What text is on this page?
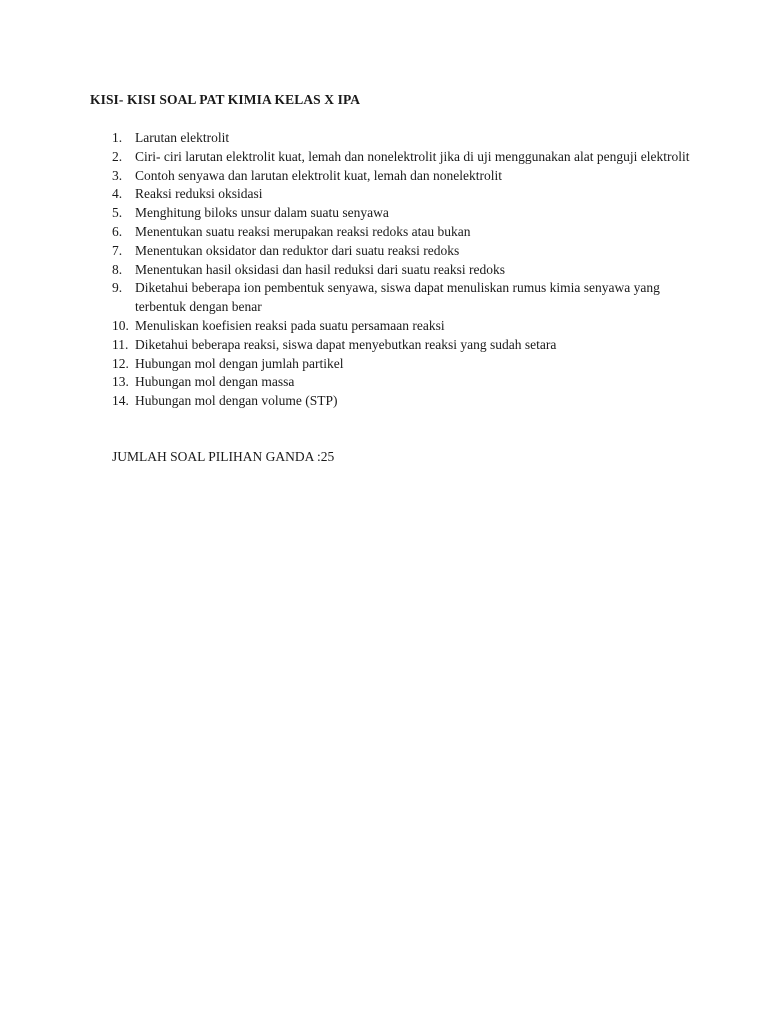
KISI- KISI SOAL PAT KIMIA KELAS X IPA
1. Larutan elektrolit
2. Ciri- ciri larutan elektrolit kuat, lemah dan nonelektrolit jika di uji menggunakan alat penguji elektrolit
3. Contoh senyawa dan larutan elektrolit kuat, lemah dan nonelektrolit
4. Reaksi reduksi oksidasi
5. Menghitung biloks unsur dalam suatu senyawa
6. Menentukan suatu reaksi merupakan reaksi redoks atau bukan
7. Menentukan oksidator dan reduktor dari suatu reaksi redoks
8. Menentukan hasil oksidasi dan hasil reduksi dari suatu reaksi redoks
9. Diketahui beberapa ion pembentuk senyawa, siswa dapat menuliskan rumus kimia senyawa yang terbentuk dengan benar
10. Menuliskan koefisien reaksi pada suatu persamaan reaksi
11. Diketahui beberapa reaksi, siswa dapat menyebutkan reaksi yang sudah setara
12. Hubungan mol dengan jumlah partikel
13. Hubungan mol dengan massa
14. Hubungan mol dengan volume (STP)
JUMLAH SOAL PILIHAN GANDA :25
